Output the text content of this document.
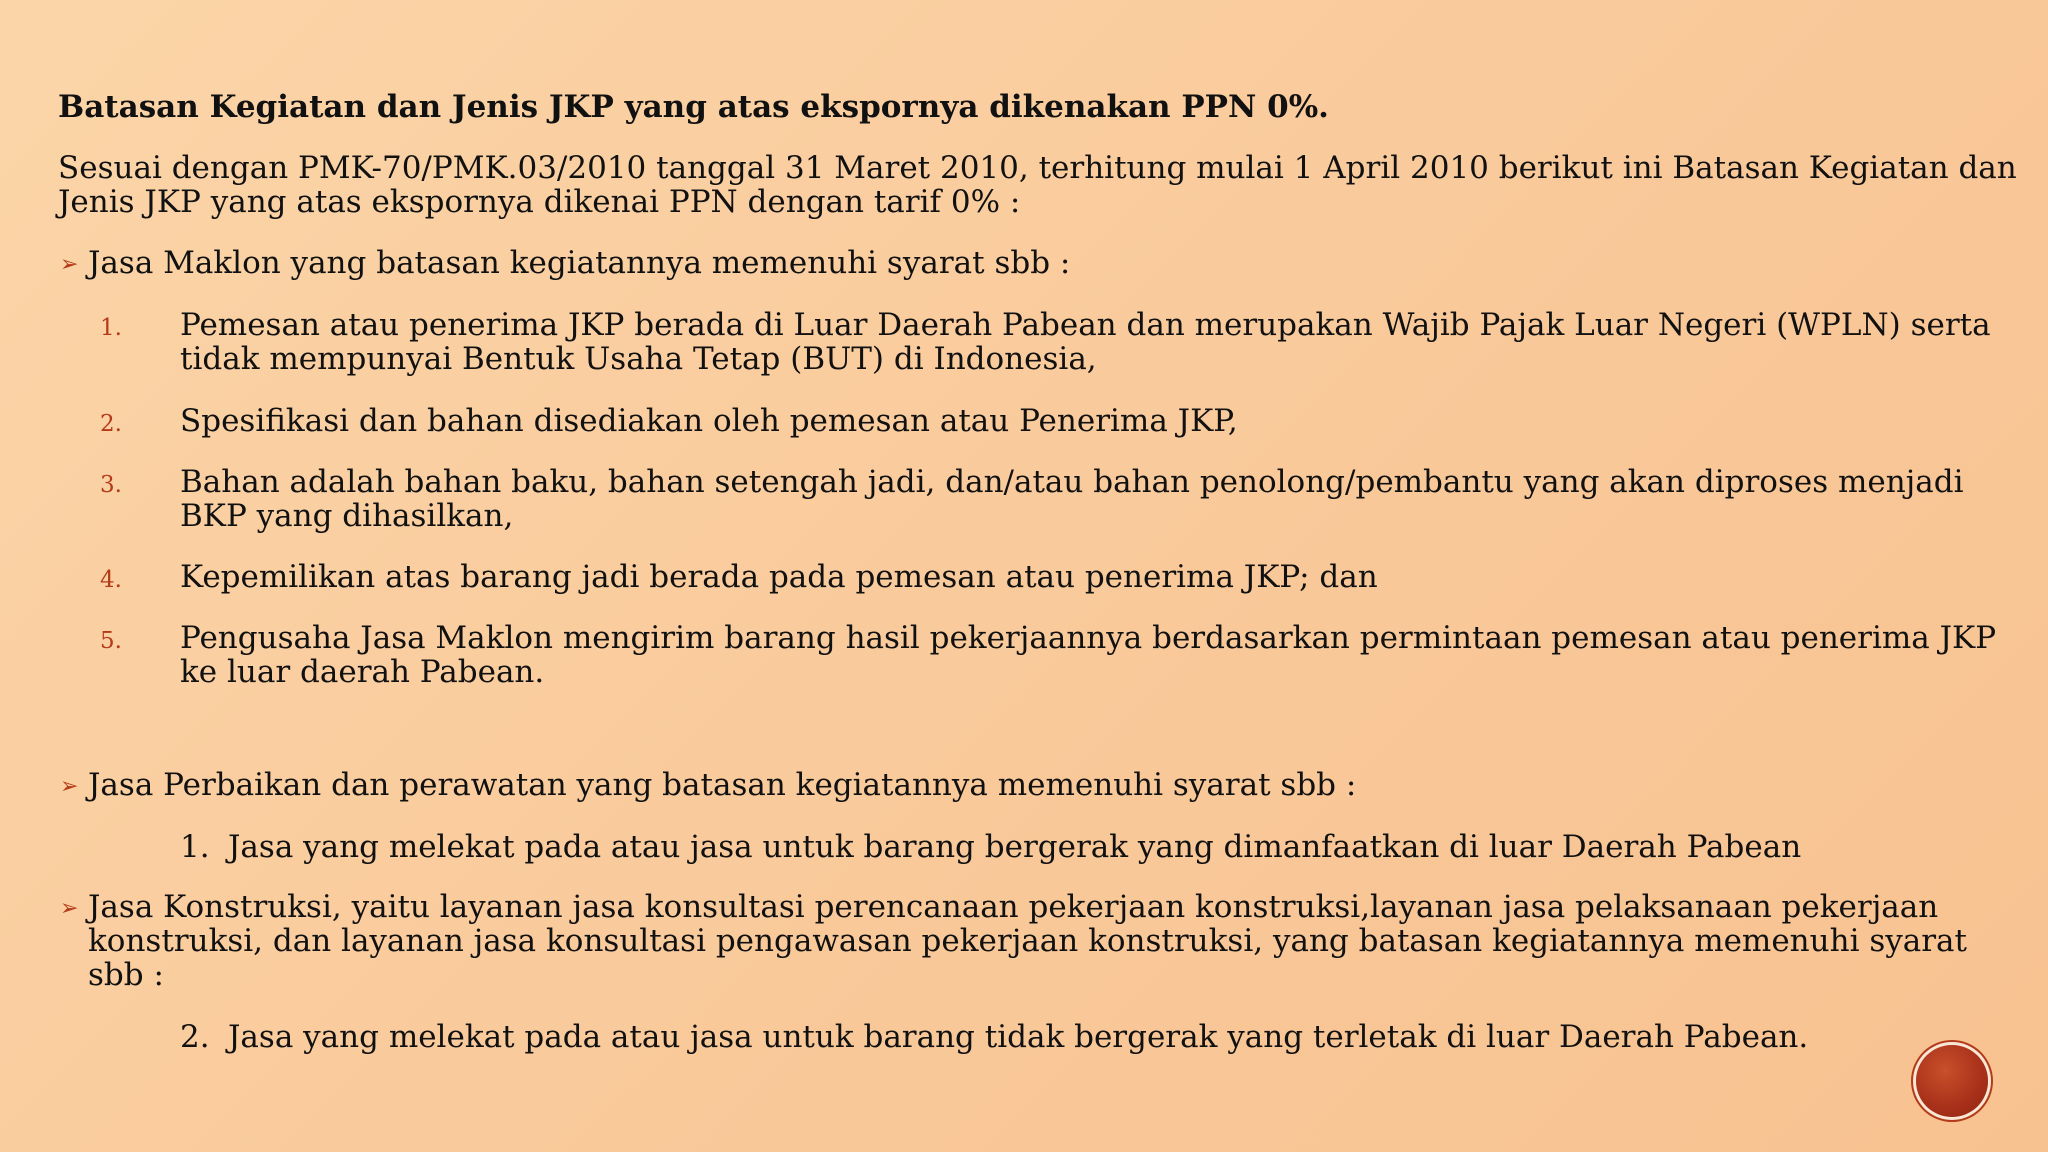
Batasan Kegiatan dan Jenis JKP yang atas ekspornya dikenakan PPN 0%.
Sesuai dengan PMK-70/PMK.03/2010 tanggal 31 Maret 2010, terhitung mulai 1 April 2010 berikut ini Batasan Kegiatan dan Jenis JKP yang atas ekspornya dikenai PPN dengan tarif 0% :
➢ Jasa Maklon yang batasan kegiatannya memenuhi syarat sbb :
1. Pemesan atau penerima JKP berada di Luar Daerah Pabean dan merupakan Wajib Pajak Luar Negeri (WPLN) serta tidak mempunyai Bentuk Usaha Tetap (BUT) di Indonesia,
2. Spesifikasi dan bahan disediakan oleh pemesan atau Penerima JKP,
3. Bahan adalah bahan baku, bahan setengah jadi, dan/atau bahan penolong/pembantu yang akan diproses menjadi BKP yang dihasilkan,
4. Kepemilikan atas barang jadi berada pada pemesan atau penerima JKP; dan
5. Pengusaha Jasa Maklon mengirim barang hasil pekerjaannya berdasarkan permintaan pemesan atau penerima JKP ke luar daerah Pabean.
➢ Jasa Perbaikan dan perawatan yang batasan kegiatannya memenuhi syarat sbb :
1. Jasa yang melekat pada atau jasa untuk barang bergerak yang dimanfaatkan di luar Daerah Pabean
➢ Jasa Konstruksi, yaitu layanan jasa konsultasi perencanaan pekerjaan konstruksi,layanan jasa pelaksanaan pekerjaan konstruksi, dan layanan jasa konsultasi pengawasan pekerjaan konstruksi, yang batasan kegiatannya memenuhi syarat sbb :
2. Jasa yang melekat pada atau jasa untuk barang tidak bergerak yang terletak di luar Daerah Pabean.
